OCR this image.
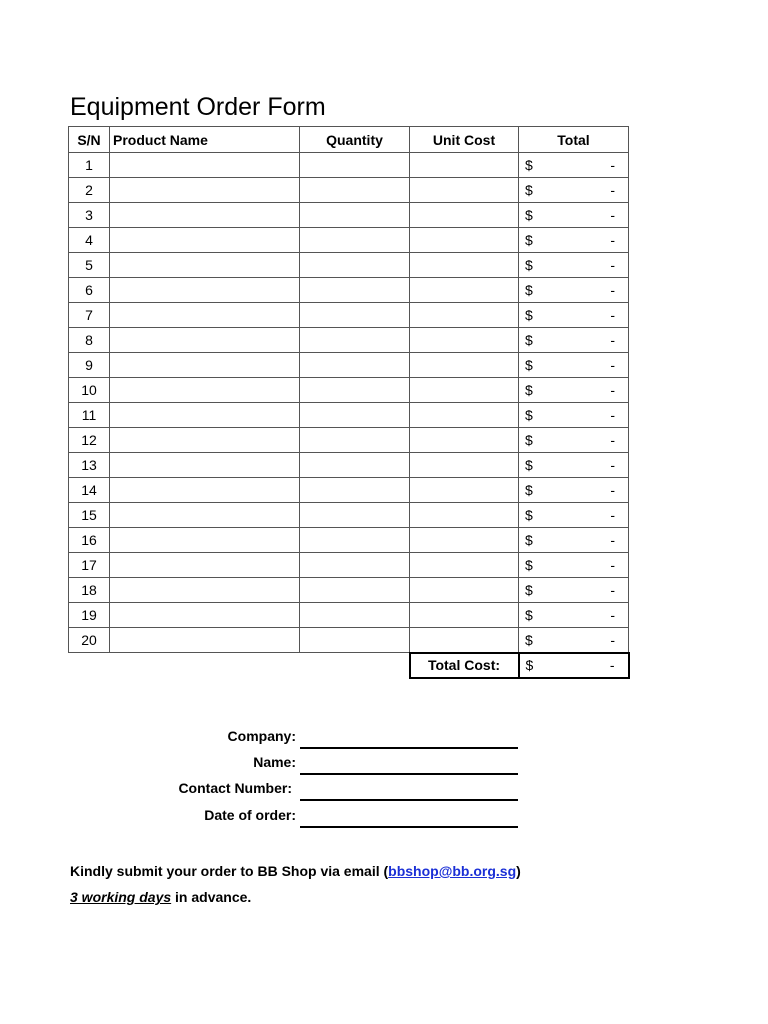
Equipment Order Form
S/N	Product Name	Quantity	Unit Cost	Total
1				$ -

2				$ -

3				$ -

4				$ -

5				$ -

6				$ -

7				$ -

8				$ -

9				$ -

10				$ -

11				$ -

12				$ -

13				$ -

14				$ -

15				$ -

16				$ -

17				$ -

18				$ -

19				$ -

20				$ -

			Total Cost:	$ -
Company:
Name:
Contact Number:
Date of order:
Kindly submit your order to BB Shop via email (bbshop@bb.org.sg)
3 working days in advance.
